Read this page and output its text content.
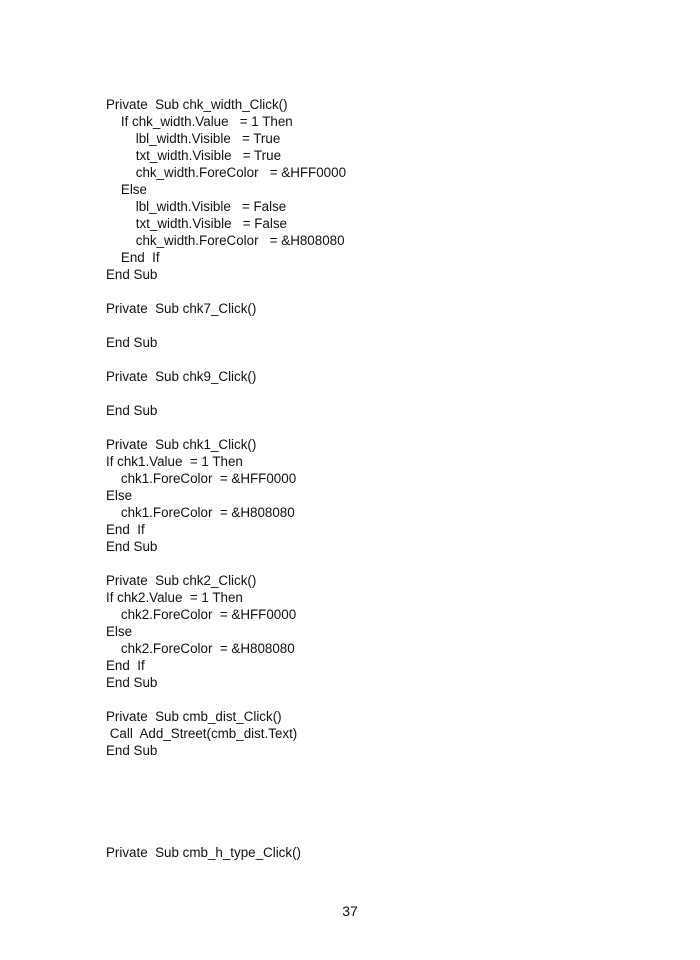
Private  Sub chk_width_Click()
If chk_width.Value   = 1 Then
lbl_width.Visible   = True
txt_width.Visible   = True
chk_width.ForeColor   = &HFF0000
Else
lbl_width.Visible   = False
txt_width.Visible   = False
chk_width.ForeColor   = &H808080
End  If
End Sub
Private  Sub chk7_Click()
End Sub
Private  Sub chk9_Click()
End Sub
Private  Sub chk1_Click()
If chk1.Value  = 1 Then
chk1.ForeColor  = &HFF0000
Else
chk1.ForeColor  = &H808080
End  If
End Sub
Private  Sub chk2_Click()
If chk2.Value  = 1 Then
chk2.ForeColor  = &HFF0000
Else
chk2.ForeColor  = &H808080
End  If
End Sub
Private  Sub cmb_dist_Click()
Call  Add_Street(cmb_dist.Text)
End Sub
Private  Sub cmb_h_type_Click()
37
